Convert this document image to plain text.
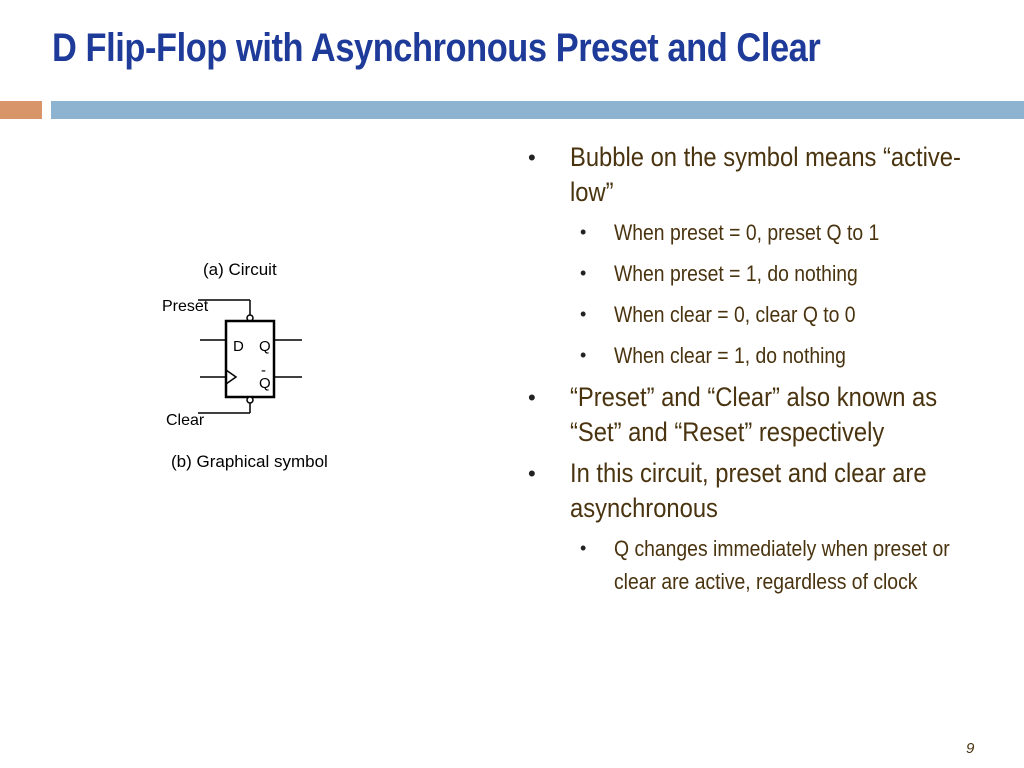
D Flip-Flop with Asynchronous Preset and Clear
(a) Circuit
Preset
D Q
-
Q
Clear
(b) Graphical symbol
• Bubble on the symbol means “active-low”
• When preset = 0, preset Q to 1
• When preset = 1, do nothing
• When clear = 0, clear Q to 0
• When clear = 1, do nothing
• “Preset” and “Clear” also known as “Set” and “Reset” respectively
• In this circuit, preset and clear are asynchronous
• Q changes immediately when preset or clear are active, regardless of clock
9
